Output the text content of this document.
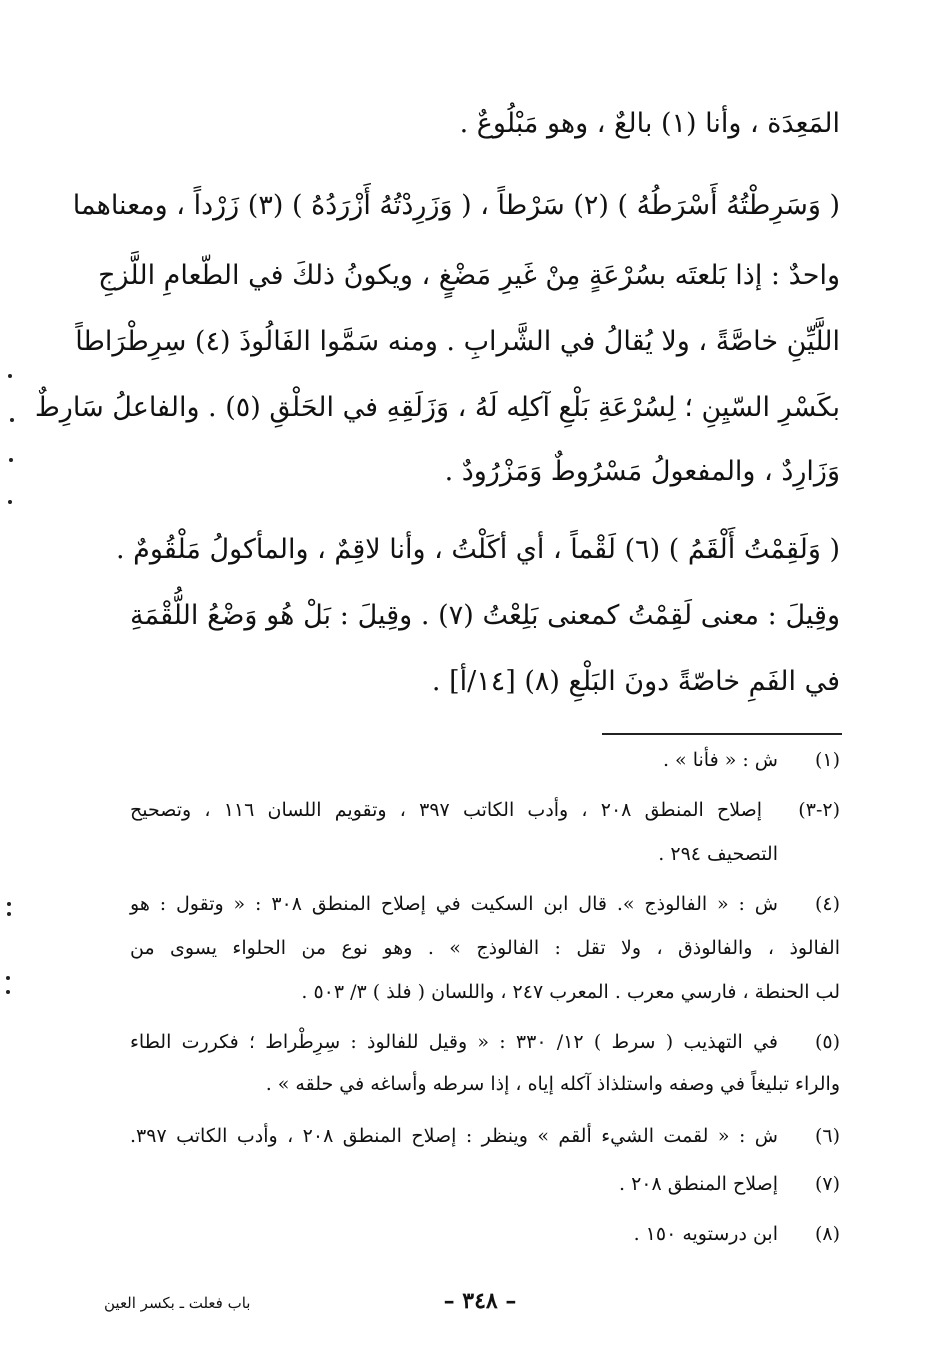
المَعِدَة ، وأنا (١) بالعٌ ، وهو مَبْلُوعٌ .
( وَسَرِطْتُهُ أَسْرَطُهُ ) (٢) سَرْطاً ، ( وَزَرِدْتُهُ أَزْرَدُهُ ) (٣) زَرْداً ، ومعناهما
واحدٌ : إذا بَلعتَه بسُرْعَةٍ مِنْ غَيرِ مَضْغٍ ، ويكونُ ذلكَ في الطّعامِ اللَّزجِ
اللَّيِّنِ خاصَّةً ، ولا يُقالُ في الشَّرابِ . ومنه سَمَّوا الفَالُوذَ (٤) سِرِطْرَاطاً
بكَسْرِ السّيِنِ ؛ لِسُرْعَةِ بَلْعِ آكلِه لَهُ ، وَزَلَقِهِ في الحَلْقِ (٥) . والفاعلُ سَارِطٌ
وَزَارِدٌ ، والمفعولُ مَسْرُوطٌ وَمَزْرُودٌ .
( وَلَقِمْتُ أَلْقَمُ ) (٦) لَقْماً ، أي أكَلْتُ ، وأنا لاقِمٌ ، والمأكولُ مَلْقُومٌ .
وقِيلَ : معنى لَقِمْتُ كمعنى بَلِعْتُ (٧) . وقِيلَ : بَلْ هُو وَضْعُ اللُّقْمَةِ
في الفَمِ خاصّةً دونَ البَلْعِ (٨) [١٤/أ] .
(١)
ش : « فأنا » .
(٢-٣)
إصلاح المنطق ٢٠٨ ، وأدب الكاتب ٣٩٧ ، وتقويم اللسان ١١٦ ، وتصحيح
التصحيف ٢٩٤ .
(٤)
ش : « الفالوذج ». قال ابن السكيت في إصلاح المنطق ٣٠٨ : « وتقول : هو
الفالوذ ، والفالوذق ، ولا تقل : الفالوذج » . وهو نوع من الحلواء يسوى من
لب الحنطة ، فارسي معرب . المعرب ٢٤٧ ، واللسان ( فلذ ) ٣/ ٥٠٣ .
(٥)
في التهذيب ( سرط ) ١٢/ ٣٣٠ : « وقيل للفالوذ : سِرِطْراط ؛ فكررت الطاء
والراء تبليغاً في وصفه واستلذاذ آكله إياه ، إذا سرطه وأساغه في حلقه » .
(٦)
ش : « لقمت الشيء ألقم » وينظر : إصلاح المنطق ٢٠٨ ، وأدب الكاتب ٣٩٧.
(٧)
إصلاح المنطق ٢٠٨ .
(٨)
ابن درستويه ١٥٠ .
– ٣٤٨ –
باب فعلت ـ بكسر العين
